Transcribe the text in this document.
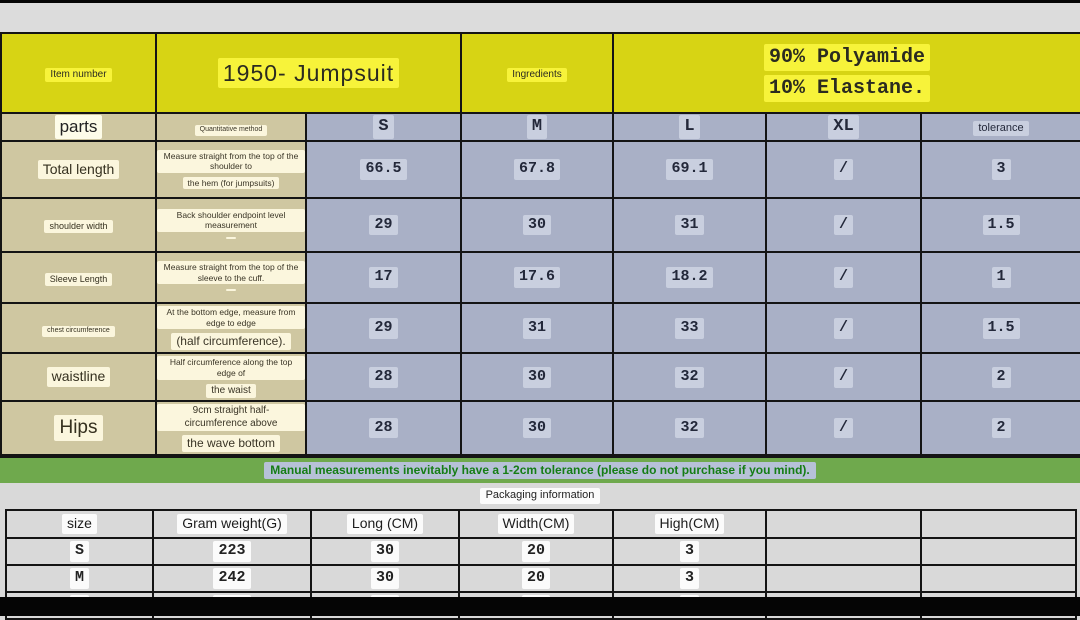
Item number	1950- Jumpsuit		Ingredients	90% Polyamide
10% Elastane.		

parts	Quantitative method	S	M	L	XL	tolerance
Total length	Measure straight from the top of the shoulder to
the hem (for jumpsuits)	66.5	67.8	69.1	/	3
shoulder width	Back shoulder endpoint level measurement	29	30	31	/	1.5
Sleeve Length	Measure straight from the top of the sleeve to the cuff.	17	17.6	18.2	/	1
chest circumference	At the bottom edge, measure from edge to edge
(half circumference).	29	31	33	/	1.5
waistline	Half circumference along the top edge of
the waist	28	30	32	/	2
Hips	9cm straight half-circumference above
the wave bottom	28	30	32	/	2
Manual measurements inevitably have a 1-2cm tolerance (please do not purchase if you mind).
Packaging information
size	Gram weight(G)	Long (CM)	Width(CM)	High(CM)		
S	223	30	20	3		
M	242	30	20	3		
